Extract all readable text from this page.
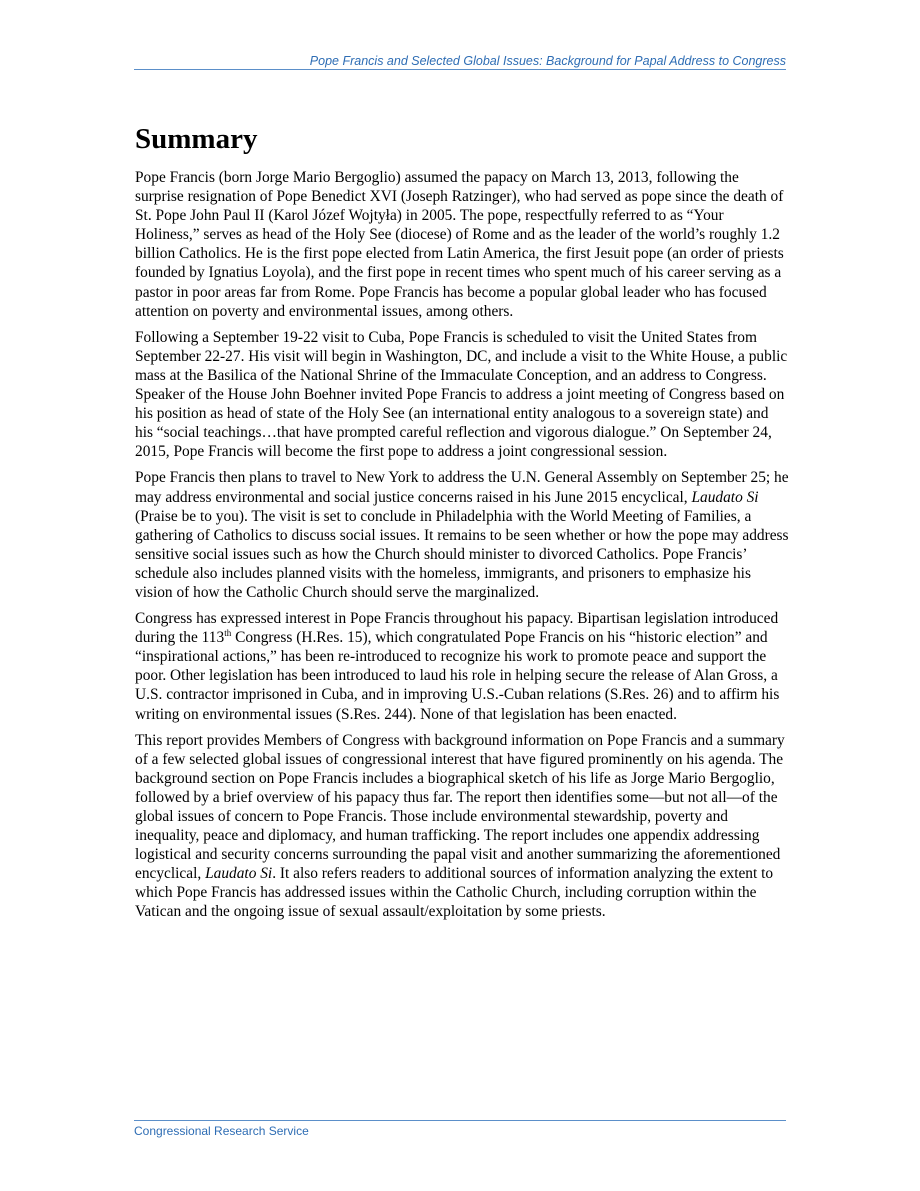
Pope Francis and Selected Global Issues: Background for Papal Address to Congress
Summary

Pope Francis (born Jorge Mario Bergoglio) assumed the papacy on March 13, 2013, following the surprise resignation of Pope Benedict XVI (Joseph Ratzinger), who had served as pope since the death of St. Pope John Paul II (Karol Józef Wojtyła) in 2005. The pope, respectfully referred to as “Your Holiness,” serves as head of the Holy See (diocese) of Rome and as the leader of the world’s roughly 1.2 billion Catholics. He is the first pope elected from Latin America, the first Jesuit pope (an order of priests founded by Ignatius Loyola), and the first pope in recent times who spent much of his career serving as a pastor in poor areas far from Rome. Pope Francis has become a popular global leader who has focused attention on poverty and environmental issues, among others.

Following a September 19-22 visit to Cuba, Pope Francis is scheduled to visit the United States from September 22-27. His visit will begin in Washington, DC, and include a visit to the White House, a public mass at the Basilica of the National Shrine of the Immaculate Conception, and an address to Congress. Speaker of the House John Boehner invited Pope Francis to address a joint meeting of Congress based on his position as head of state of the Holy See (an international entity analogous to a sovereign state) and his “social teachings…that have prompted careful reflection and vigorous dialogue.” On September 24, 2015, Pope Francis will become the first pope to address a joint congressional session.

Pope Francis then plans to travel to New York to address the U.N. General Assembly on September 25; he may address environmental and social justice concerns raised in his June 2015 encyclical, Laudato Si (Praise be to you). The visit is set to conclude in Philadelphia with the World Meeting of Families, a gathering of Catholics to discuss social issues. It remains to be seen whether or how the pope may address sensitive social issues such as how the Church should minister to divorced Catholics. Pope Francis’ schedule also includes planned visits with the homeless, immigrants, and prisoners to emphasize his vision of how the Catholic Church should serve the marginalized.

Congress has expressed interest in Pope Francis throughout his papacy. Bipartisan legislation introduced during the 113th Congress (H.Res. 15), which congratulated Pope Francis on his “historic election” and “inspirational actions,” has been re-introduced to recognize his work to promote peace and support the poor. Other legislation has been introduced to laud his role in helping secure the release of Alan Gross, a U.S. contractor imprisoned in Cuba, and in improving U.S.-Cuban relations (S.Res. 26) and to affirm his writing on environmental issues (S.Res. 244). None of that legislation has been enacted.

This report provides Members of Congress with background information on Pope Francis and a summary of a few selected global issues of congressional interest that have figured prominently on his agenda. The background section on Pope Francis includes a biographical sketch of his life as Jorge Mario Bergoglio, followed by a brief overview of his papacy thus far. The report then identifies some—but not all—of the global issues of concern to Pope Francis. Those include environmental stewardship, poverty and inequality, peace and diplomacy, and human trafficking. The report includes one appendix addressing logistical and security concerns surrounding the papal visit and another summarizing the aforementioned encyclical, Laudato Si. It also refers readers to additional sources of information analyzing the extent to which Pope Francis has addressed issues within the Catholic Church, including corruption within the Vatican and the ongoing issue of sexual assault/exploitation by some priests.

Congressional Research Service
